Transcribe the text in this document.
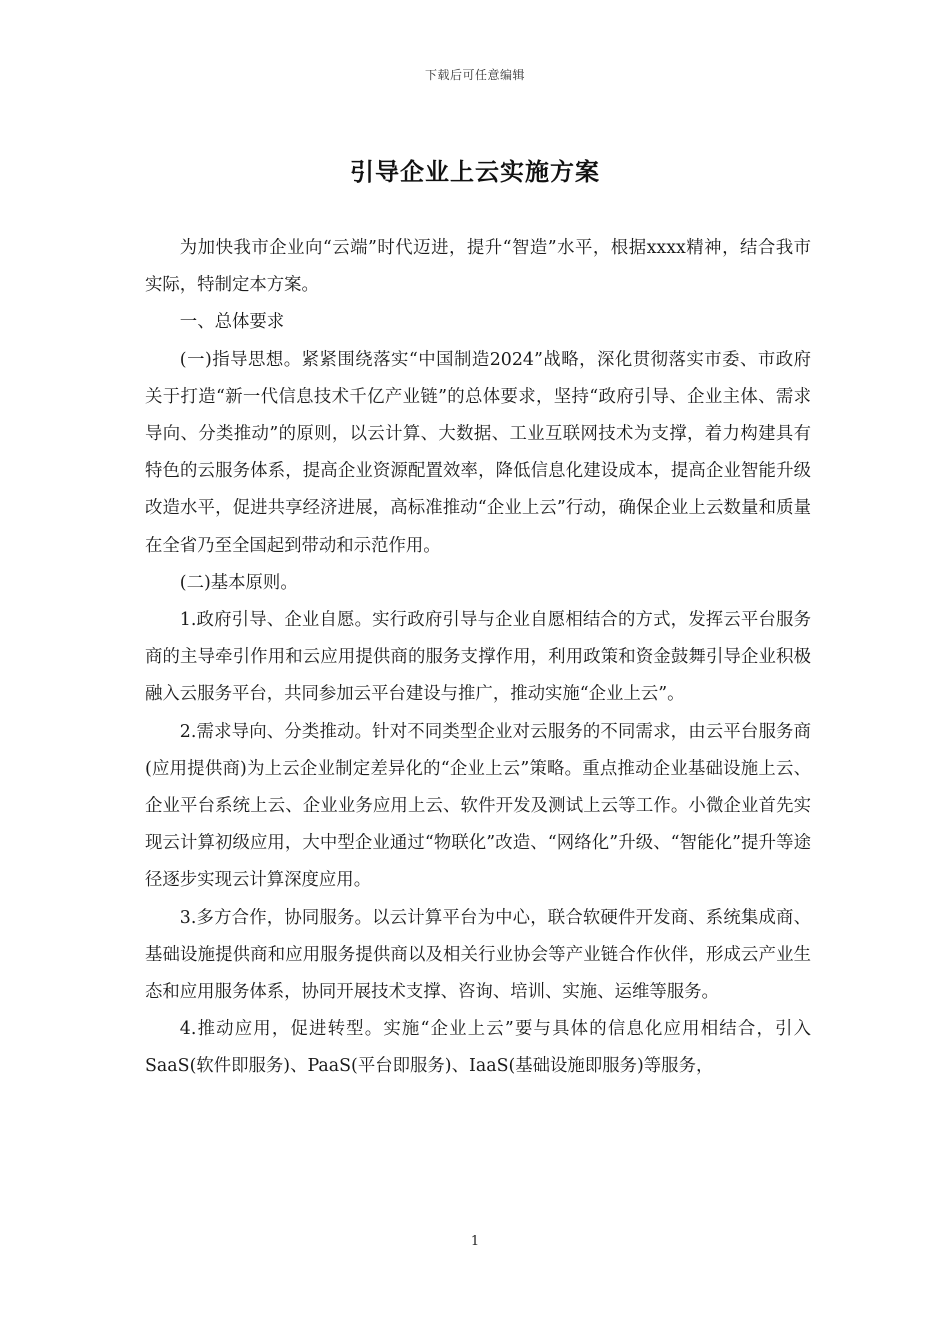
下载后可任意编辑
引导企业上云实施方案

为加快我市企业向“云端”时代迈进，提升“智造”水平，根据xxxx精神，结合我市实际，特制定本方案。

一、总体要求

(一)指导思想。紧紧围绕落实“中国制造2024”战略，深化贯彻落实市委、市政府关于打造“新一代信息技术千亿产业链”的总体要求，坚持“政府引导、企业主体、需求导向、分类推动”的原则，以云计算、大数据、工业互联网技术为支撑，着力构建具有特色的云服务体系，提高企业资源配置效率，降低信息化建设成本，提高企业智能升级改造水平，促进共享经济进展，高标准推动“企业上云”行动，确保企业上云数量和质量在全省乃至全国起到带动和示范作用。

(二)基本原则。

1.政府引导、企业自愿。实行政府引导与企业自愿相结合的方式，发挥云平台服务商的主导牵引作用和云应用提供商的服务支撑作用，利用政策和资金鼓舞引导企业积极融入云服务平台，共同参加云平台建设与推广，推动实施“企业上云”。

2.需求导向、分类推动。针对不同类型企业对云服务的不同需求，由云平台服务商(应用提供商)为上云企业制定差异化的“企业上云”策略。重点推动企业基础设施上云、企业平台系统上云、企业业务应用上云、软件开发及测试上云等工作。小微企业首先实现云计算初级应用，大中型企业通过“物联化”改造、“网络化”升级、“智能化”提升等途径逐步实现云计算深度应用。

3.多方合作，协同服务。以云计算平台为中心，联合软硬件开发商、系统集成商、基础设施提供商和应用服务提供商以及相关行业协会等产业链合作伙伴，形成云产业生态和应用服务体系，协同开展技术支撑、咨询、培训、实施、运维等服务。

4.推动应用，促进转型。实施“企业上云”要与具体的信息化应用相结合，引入SaaS(软件即服务)、PaaS(平台即服务)、IaaS(基础设施即服务)等服务，

1
